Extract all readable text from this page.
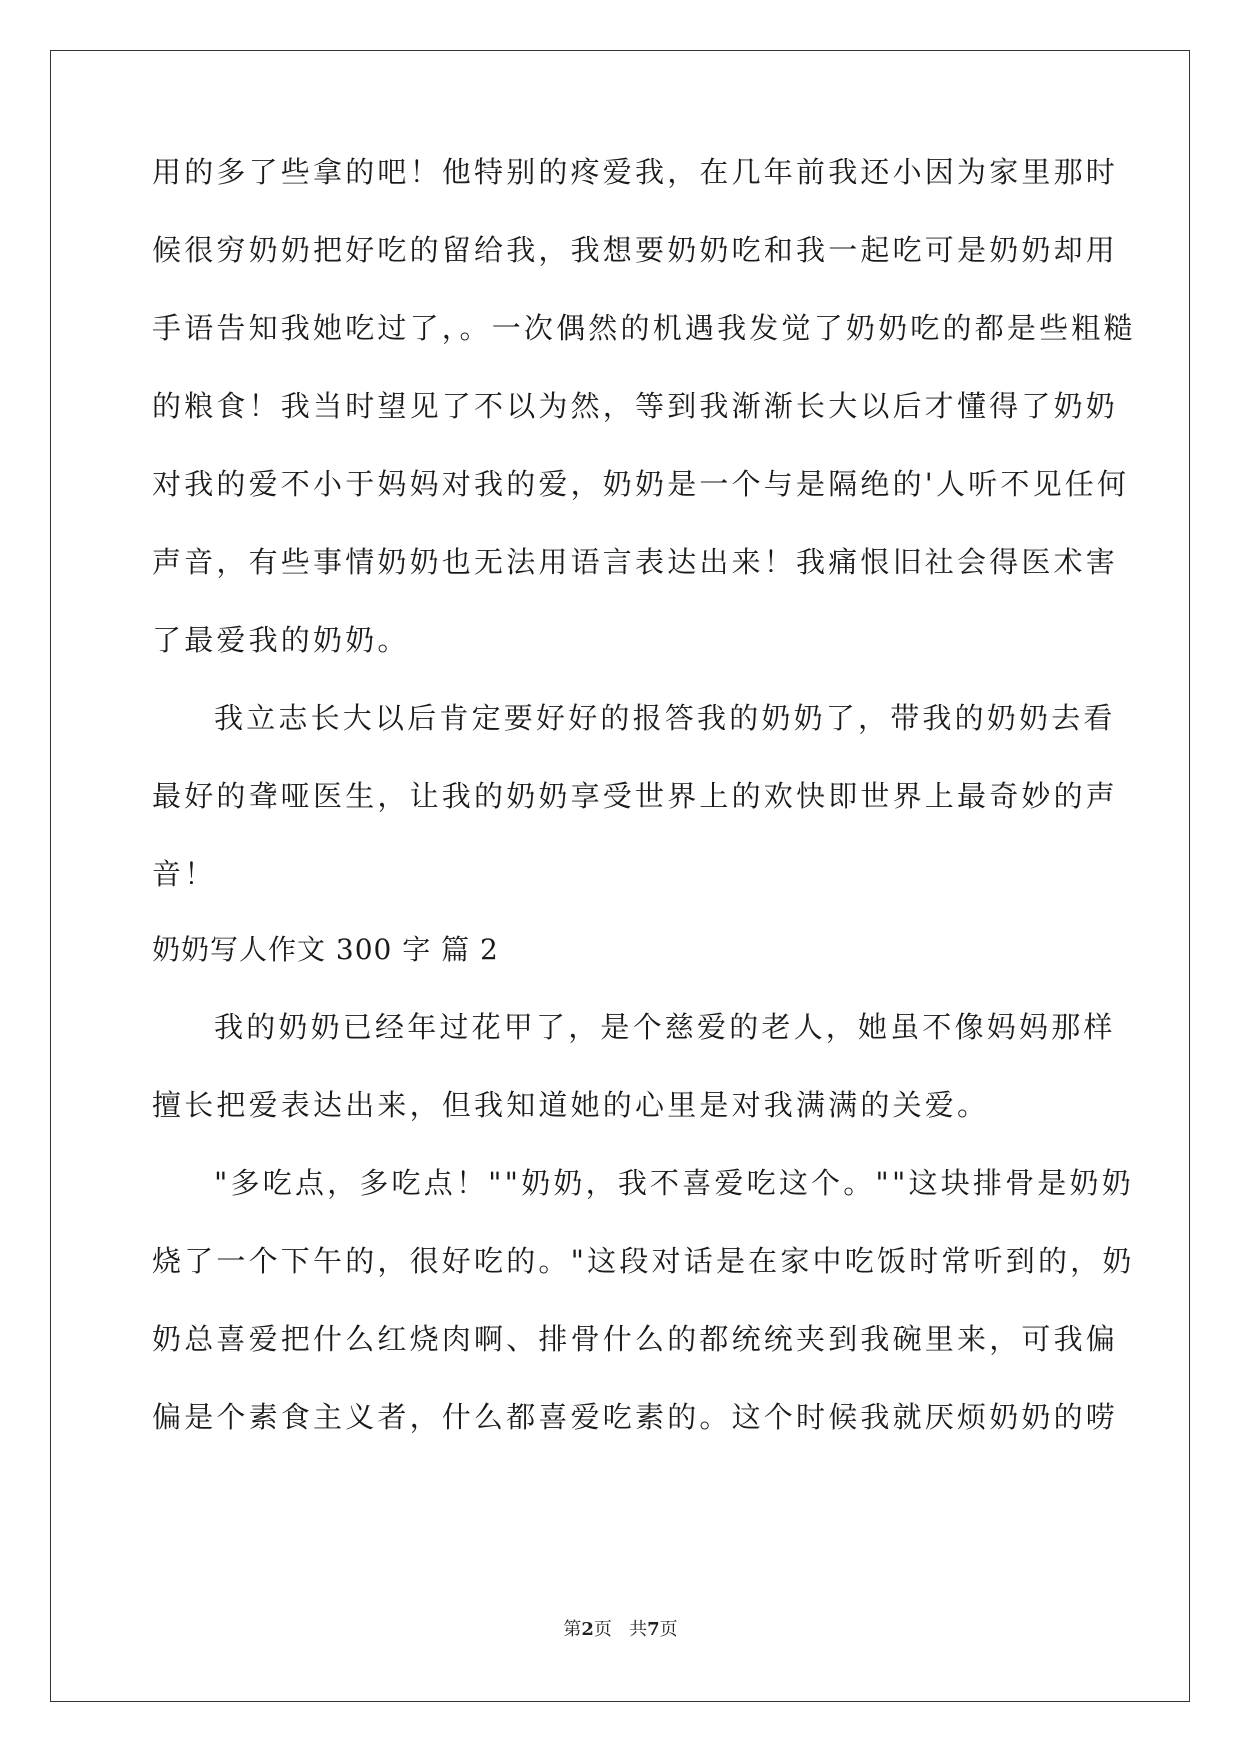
用的多了些拿的吧！他特别的疼爱我，在几年前我还小因为家里那时
候很穷奶奶把好吃的留给我，我想要奶奶吃和我一起吃可是奶奶却用
手语告知我她吃过了，。一次偶然的机遇我发觉了奶奶吃的都是些粗糙
的粮食！我当时望见了不以为然，等到我渐渐长大以后才懂得了奶奶
对我的爱不小于妈妈对我的爱，奶奶是一个与是隔绝的'人听不见任何
声音，有些事情奶奶也无法用语言表达出来！我痛恨旧社会得医术害
了最爱我的奶奶。
我立志长大以后肯定要好好的报答我的奶奶了，带我的奶奶去看
最好的聋哑医生，让我的奶奶享受世界上的欢快即世界上最奇妙的声
音！
奶奶写人作文 300 字 篇 2
我的奶奶已经年过花甲了，是个慈爱的老人，她虽不像妈妈那样
擅长把爱表达出来，但我知道她的心里是对我满满的关爱。
"多吃点，多吃点！""奶奶，我不喜爱吃这个。""这块排骨是奶奶
烧了一个下午的，很好吃的。"这段对话是在家中吃饭时常听到的，奶
奶总喜爱把什么红烧肉啊、排骨什么的都统统夹到我碗里来，可我偏
偏是个素食主义者，什么都喜爱吃素的。这个时候我就厌烦奶奶的唠
第2页   共7页
